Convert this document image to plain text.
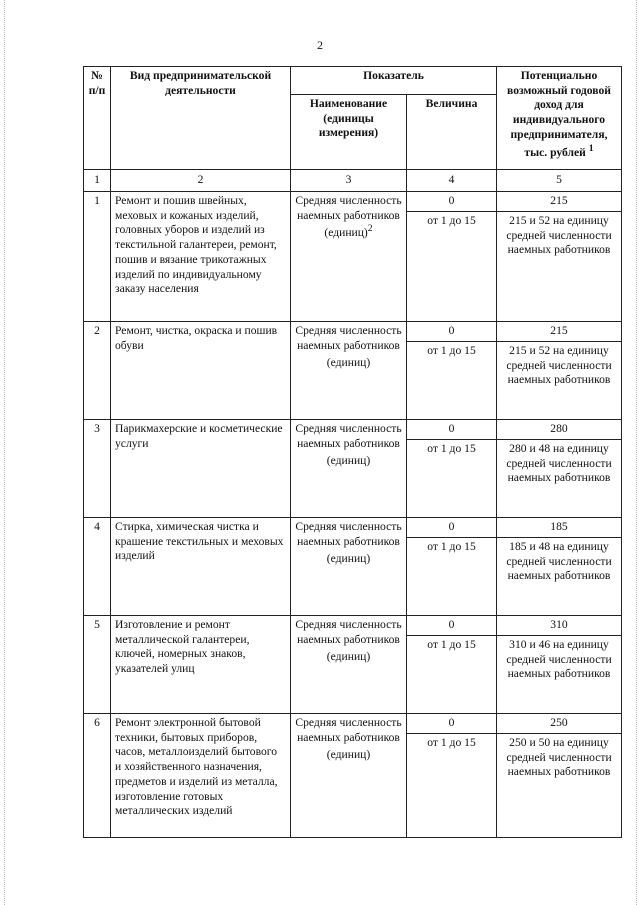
2
№ п/п	Вид предпринимательской деятельности	Показатель		Потенциально возможный годовой доход для индивидуального предпринимателя, тыс. рублей $^1$
		Наименование (единицы измерения)	Величина	
1	2	3	4	5
1	Ремонт и пошив швейных, меховых и кожаных изделий, головных уборов и изделий из текстильной галантереи, ремонт, пошив и вязание трикотажных изделий по индивидуальному заказу населения	Средняя численность наемных работников (единиц)$^2$	0	215
			от 1 до 15	215 и 52 на единицу средней численности наемных работников
2	Ремонт, чистка, окраска и пошив обуви	Средняя численность наемных работников (единиц)	0	215
			от 1 до 15	215 и 52 на единицу средней численности наемных работников
3	Парикмахерские и косметические услуги	Средняя численность наемных работников (единиц)	0	280
			от 1 до 15	280 и 48 на единицу средней численности наемных работников
4	Стирка, химическая чистка и крашение текстильных и меховых изделий	Средняя численность наемных работников (единиц)	0	185
			от 1 до 15	185 и 48 на единицу средней численности наемных работников
5	Изготовление и ремонт металлической галантереи, ключей, номерных знаков, указателей улиц	Средняя численность наемных работников (единиц)	0	310
			от 1 до 15	310 и 46 на единицу средней численности наемных работников
6	Ремонт электронной бытовой техники, бытовых приборов, часов, металлоизделий бытового и хозяйственного назначения, предметов и изделий из металла, изготовление готовых металлических изделий	Средняя численность наемных работников (единиц)	0	250
			от 1 до 15	250 и 50 на единицу средней численности наемных работников
